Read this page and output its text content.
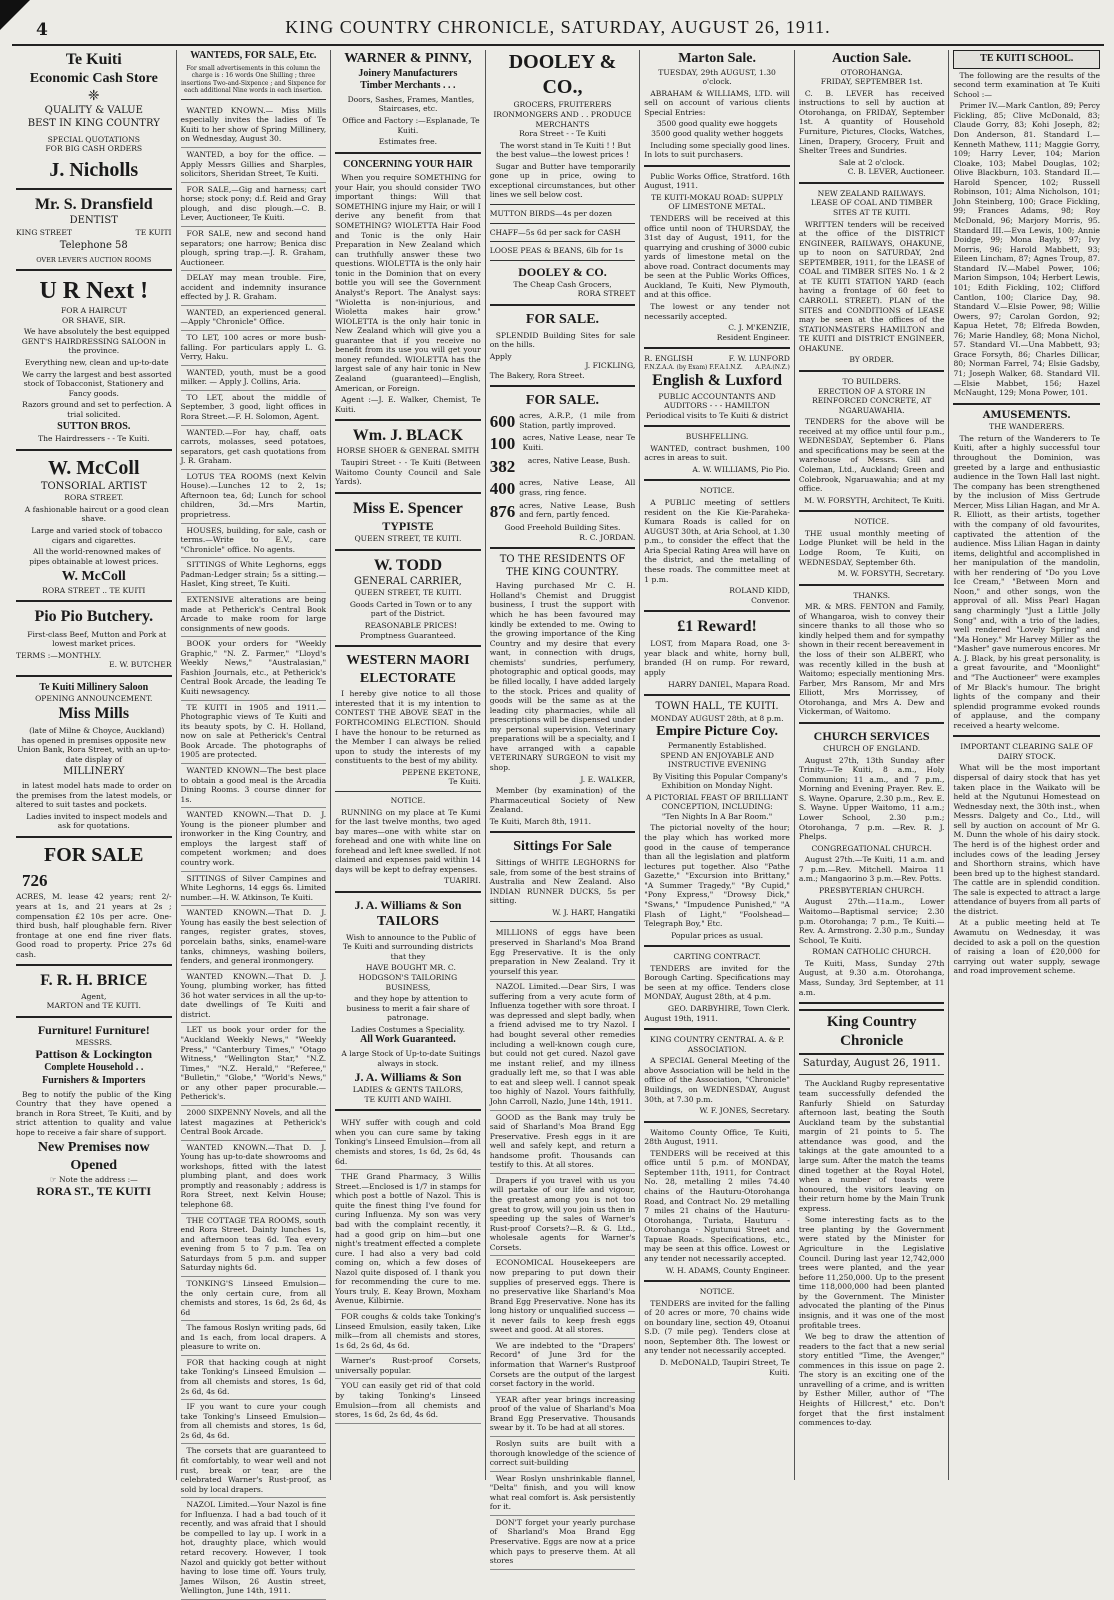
4	KING COUNTRY CHRONICLE, SATURDAY, AUGUST 26, 1911.
Te Kuiti
Economic Cash Store
❈
QUALITY & VALUE
BEST IN KING COUNTRY
SPECIAL QUOTATIONS
FOR BIG CASH ORDERS
J. Nicholls
Mr. S. Dransfield
DENTIST
KING STREET	TE KUITI
Telephone 58
OVER LEVER'S AUCTION ROOMS
U R Next !
FOR A HAIRCUT
OR SHAVE, SIR.
We have absolutely the best equipped GENT'S HAIRDRESSING SALOON in the province.
Everything new, clean and up-to-date
We carry the largest and best assorted stock of Tobacconist, Stationery and Fancy goods.
Razors ground and set to perfection. A trial solicited.
SUTTON BROS.
The Hairdressers - - Te Kuiti.
W. McColl
TONSORIAL ARTIST
RORA STREET.
A fashionable haircut or a good clean shave.
Large and varied stock of tobacco cigars and cigarettes.
All the world-renowned makes of pipes obtainable at lowest prices.
W. McColl
RORA STREET .. TE KUITI
Pio Pio Butchery.
First-class Beef, Mutton and Pork at lowest market prices.
TERMS :—MONTHLY.
E. W. BUTCHER
Te Kuiti Millinery Saloon
OPENING ANNOUNCEMENT.
Miss Mills
(late of Milne & Choyce, Auckland) has opened in premises opposite new Union Bank, Rora Street, with an up-to-date display of
MILLINERY
in latest model hats made to order on the premises from the latest models, or altered to suit tastes and pockets.
Ladies invited to inspect models and ask for quotations.
FOR SALE
726
ACRES, M. lease 42 years; rent 2/- years at 1s, and 21 years at 2s ; compensation £2 10s per acre. One-third bush, half ploughable fern. River frontage at one end fine river flats. Good road to property. Price 27s 6d cash.
F. R. H. BRICE
Agent,
MARTON and TE KUITI.
Furniture! Furniture!
MESSRS.
Pattison & Lockington
Complete Household . .
Furnishers & Importers
Beg to notify the public of the King Country that they have opened a branch in Rora Street, Te Kuiti, and by strict attention to quality and value hope to receive a fair share of support.
New Premises now Opened
☞ Note the address :—
RORA ST., TE KUITI
WANTEDS, FOR SALE, Etc.
For small advertisements in this column the charge is : 16 words One Shilling ; three insertions Two-and-Sixpence ; and Sixpence for each additional Nine words in each insertion.
WANTED KNOWN.— Miss Mills especially invites the ladies of Te Kuiti to her show of Spring Millinery, on Wednesday, August 30.
WANTED, a boy for the office. —Apply Messrs Gillies and Sharples, solicitors, Sheridan Street, Te Kuiti.
FOR SALE,—Gig and harness; cart horse; stock pony; d.f. Reid and Gray plough, and disc plough.—C. B. Lever, Auctioneer, Te Kuiti.
FOR SALE, new and second hand separators; one harrow; Benica disc plough, spring trap.—J. R. Graham, Auctioneer.
DELAY may mean trouble. Fire, accident and indemnity insurance effected by J. R. Graham.
WANTED, an experienced general. —Apply "Chronicle" Office.
TO LET, 100 acres or more bush-falling. For particulars apply L. G. Verry, Haku.
WANTED, youth, must be a good milker. — Apply J. Collins, Aria.
TO LET, about the middle of September, 3 good, light offices in Rora Street.—F. H. Solomon, Agent.
WANTED.—For hay, chaff, oats carrots, molasses, seed potatoes, separators, get cash quotations from J. R. Graham.
LOTUS TEA ROOMS (next Kelvin House).—Lunches 12 to 2, 1s; Afternoon tea, 6d; Lunch for school children, 3d.—Mrs Martin, proprietress.
HOUSES, building, for sale, cash or terms.—Write to E.V., care "Chronicle" office. No agents.
SITTINGS of White Leghorns, eggs Padman-Ledger strain; 5s a sitting.—Haslet, King street, Te Kuiti.
EXTENSIVE alterations are being made at Petherick's Central Book Arcade to make room for large consignments of new goods.
BOOK your orders for "Weekly Graphic," "N. Z. Farmer," "Lloyd's Weekly News," "Australasian," Fashion Journals, etc., at Petherick's Central Book Arcade, the leading Te Kuiti newsagency.
TE KUITI in 1905 and 1911.—Photographic views of Te Kuiti and its beauty spots, by C. H. Holland, now on sale at Petherick's Central Book Arcade. The photographs of 1905 are protected.
WANTED KNOWN—The best place to obtain a good meal is the Arcadia Dining Rooms. 3 course dinner for 1s.
WANTED KNOWN.—That D. J. Young is the pioneer plumber and ironworker in the King Country, and employs the largest staff of competent workmen; and does country work.
SITTINGS of Silver Campines and White Leghorns, 14 eggs 6s. Limited number.—H. W. Atkinson, Te Kuiti.
WANTED KNOWN.—That D. J. Young has easily the best selection of ranges, register grates, stoves, porcelain baths, sinks, enamel-ware tanks, chimneys, washing boilers, fenders, and general ironmongery.
WANTED KNOWN.—That D. J. Young, plumbing worker, has fitted 36 hot water services in all the up-to-date dwellings of Te Kuiti and district.
LET us book your order for the "Auckland Weekly News," "Weekly Press," "Canterbury Times," "Otago Witness," "Wellington Star," "N.Z. Times," "N.Z. Herald," "Referee," "Bulletin," "Globe," "World's News," or any other paper procurable.—Petherick's.
2000 SIXPENNY Novels, and all the latest magazines at Petherick's Central Book Arcade.
WANTED KNOWN.—That D. J. Young has up-to-date showrooms and workshops, fitted with the latest plumbing plant, and does work promptly and reasonably ; address is Rora Street, next Kelvin House; telephone 68.
THE COTTAGE TEA ROOMS, south end Rora Street. Dainty lunches 1s, and afternoon teas 6d. Tea every evening from 5 to 7 p.m. Tea on Saturdays from 5 p.m. and supper Saturday nights 6d.
TONKING'S Linseed Emulsion— the only certain cure, from all chemists and stores, 1s 6d, 2s 6d, 4s 6d
The famous Roslyn writing pads, 6d and 1s each, from local drapers. A pleasure to write on.
FOR that hacking cough at night take Tonking's Linseed Emulsion —from all chemists and stores, 1s 6d, 2s 6d, 4s 6d.
IF you want to cure your cough take Tonking's Linseed Emulsion— from all chemists and stores, 1s 6d, 2s 6d, 4s 6d.
The corsets that are guaranteed to fit comfortably, to wear well and not rust, break or tear, are the celebrated Warner's Rust-proof, as sold by local drapers.
NAZOL Limited.—Your Nazol is fine for Influenza. I had a bad touch of it recently, and was afraid that I should be compelled to lay up. I work in a hot, draughty place, which would retard recovery. However, I took Nazol and quickly got better without having to lose time off. Yours truly, James Wilson, 26 Austin street, Wellington, June 14th, 1911.
WARNER & PINNY,
Joinery Manufacturers
Timber Merchants . . .
Doors, Sashes, Frames, Mantles, Staircases, etc.
Office and Factory :—Esplanade, Te Kuiti.
Estimates free.
CONCERNING YOUR HAIR
When you require SOMETHING for your Hair, you should consider TWO important things: Will that SOMETHING injure my Hair, or will I derive any benefit from that SOMETHING? WIOLETTA Hair Food and Tonic is the only Hair Preparation in New Zealand which can truthfully answer these two questions. WIOLETTA is the only hair tonic in the Dominion that on every bottle you will see the Government Analyst's Report. The Analyst says: "Wioletta is non-injurious, and Wioletta makes hair grow." WIOLETTA is the only hair tonic in New Zealand which will give you a guarantee that if you receive no benefit from its use you will get your money refunded. WIOLETTA has the largest sale of any hair tonic in New Zealand (guaranteed)—English, American, or Foreign.
Agent :—J. E. Walker, Chemist, Te Kuiti.
Wm. J. BLACK
HORSE SHOER & GENERAL SMITH
Taupiri Street - - Te Kuiti (Between Waitomo County Council and Sale Yards).
Miss E. Spencer
TYPISTE
QUEEN STREET, TE KUITI.
W. TODD
GENERAL CARRIER,
QUEEN STREET, TE KUITI.
Goods Carted in Town or to any part of the District.
REASONABLE PRICES! Promptness Guaranteed.
WESTERN MAORI
ELECTORATE
I hereby give notice to all those interested that it is my intention to CONTEST THE ABOVE SEAT in the FORTHCOMING ELECTION. Should I have the honour to be returned as the Member I can always be relied upon to study the interests of my constituents to the best of my ability.
PEPENE EKETONE,
Te Kuiti.
NOTICE.
RUNNING on my place at Te Kumi for the last twelve months, two aged bay mares—one with white star on forehead and one with white line on forehead and left knee swelled. If not claimed and expenses paid within 14 days will be kept to defray expenses.
TUARIRI.
J. A. Williams & Son
TAILORS
Wish to announce to the Public of Te Kuiti and surrounding districts that they
HAVE BOUGHT MR. C. HODGSON'S TAILORING BUSINESS,
and they hope by attention to business to merit a fair share of patronage.
Ladies Costumes a Speciality.
All Work Guaranteed.
A large Stock of Up-to-date Suitings always in stock.
J. A. Williams & Son
LADIES & GENTS TAILORS,
TE KUITI AND WAIHI.
WHY suffer with cough and cold when you can cure same by taking Tonking's Linseed Emulsion—from all chemists and stores, 1s 6d, 2s 6d, 4s 6d.
THE Grand Pharmacy, 3 Willis Street.—Enclosed is 1/7 in stamps for which post a bottle of Nazol. This is quite the finest thing I've found for curing Influenza. My son was very bad with the complaint recently, it had a good grip on him—but one night's treatment effected a complete cure. I had also a very bad cold coming on, which a few doses of Nazol quite disposed of. I thank you for recommending the cure to me. Yours truly, E. Keay Brown, Moxham Avenue, Kilbirnie.
FOR coughs & colds take Tonking's Linseed Emulsion, easily taken, Like milk—from all chemists and stores, 1s 6d, 2s 6d, 4s 6d.
Warner's Rust-proof Corsets, universally popular.
YOU can easily get rid of that cold by taking Tonking's Linseed Emulsion—from all chemists and stores, 1s 6d, 2s 6d, 4s 6d.
DOOLEY & CO.,
GROCERS, FRUITERERS IRONMONGERS AND . . PRODUCE MERCHANTS
Rora Street - - Te Kuiti
The worst stand in Te Kuiti ! ! But the best value—the lowest prices !
Sugar and Butter have temporarily gone up in price, owing to exceptional circumstances, but other lines we sell below cost.
MUTTON BIRDS—4s per dozen
CHAFF—5s 6d per sack for CASH
LOOSE PEAS & BEANS, 6lb for 1s
DOOLEY & CO.
The Cheap Cash Grocers,
RORA STREET
FOR SALE.
SPLENDID Building Sites for sale on the hills.
Apply
J. FICKLING,
The Bakery, Rora Street.
FOR SALE.
600 acres, A.R.P., (1 mile from Station, partly improved.
100 acres, Native Lease, near Te Kuiti.
382	acres, Native Lease, Bush.
400 acres, Native Lease, All grass, ring fence.
876 acres, Native Lease, Bush and fern, partly fenced.
Good Freehold Building Sites.
R. C. JORDAN.
TO THE RESIDENTS OF THE KING COUNTRY.
Having purchased Mr C. H. Holland's Chemist and Druggist business, I trust the support with which he has been favoured may kindly be extended to me. Owing to the growing importance of the King Country and my desire that every want, in connection with drugs, chemists' sundries, perfumery, photographic and optical goods, may be filled locally, I have added largely to the stock. Prices and quality of goods will be the same as at the leading city pharmacies, while all prescriptions will be dispensed under my personal supervision. Veterinary preparations will be a specialty, and I have arranged with a capable VETERINARY SURGEON to visit my shop.
J. E. WALKER,
Member (by examination) of the Pharmaceutical Society of New Zealand.
Te Kuiti, March 8th, 1911.
Sittings For Sale
Sittings of WHITE LEGHORNS for sale, from some of the best strains of Australia and New Zealand. Also INDIAN RUNNER DUCKS, 5s per sitting.
W. J. HART, Hangatiki
MILLIONS of eggs have been preserved in Sharland's Moa Brand Egg Preservative. It is the only preparation in New Zealand. Try it yourself this year.
NAZOL Limited.—Dear Sirs, I was suffering from a very acute form of Influenza together with sore throat. I was depressed and slept badly, when a friend advised me to try Nazol. I had bought several other remedies including a well-known cough cure, but could not get cured. Nazol gave me instant relief, and my illness gradually left me, so that I was able to eat and sleep well. I cannot speak too highly of Nazol. Yours faithfully, John Carroll, Nazlo, June 14th, 1911.
GOOD as the Bank may truly be said of Sharland's Moa Brand Egg Preservative. Fresh eggs in it are well and safely kept, and return a handsome profit. Thousands can testify to this. At all stores.
Drapers if you travel with us you will partake of our life and vigour, the greatest among you is not too great to grow, will you join us then in speeding up the sales of Warner's Rust-proof Corsets?—R. & G. Ltd., wholesale agents for Warner's Corsets.
ECONOMICAL Housekeepers are now preparing to put down their supplies of preserved eggs. There is no preservative like Sharland's Moa Brand Egg Preservative. None has its long history or unqualified success —it never fails to keep fresh eggs sweet and good. At all stores.
We are indebted to the "Drapers' Record" of June 3rd for the information that Warner's Rustproof Corsets are the output of the largest corset factory in the world.
YEAR after year brings increasing proof of the value of Sharland's Moa Brand Egg Preservative. Thousands swear by it. To be had at all stores.
Roslyn suits are built with a thorough knowledge of the science of correct suit-building
Wear Roslyn unshrinkable flannel, "Delta" finish, and you will know what real comfort is. Ask persistently for it.
DON'T forget your yearly purchase of Sharland's Moa Brand Egg Preservative. Eggs are now at a price which pays to preserve them. At all stores
Marton Sale.
TUESDAY, 29th AUGUST, 1.30 o'clock.
ABRAHAM & WILLIAMS, LTD. will sell on account of various clients Special Entries:
3500 good quality ewe hoggets
3500 good quality wether hoggets
Including some specially good lines. In lots to suit purchasers.
Public Works Office, Stratford. 16th August, 1911.
TE KUITI-MOKAU ROAD: SUPPLY OF LIMESTONE METAL.
TENDERS will be received at this office until noon of THURSDAY, the 31st day of August, 1911, for the quarrying and crushing of 3000 cubic yards of limestone metal on the above road. Contract documents may be seen at the Public Works Offices, Auckland, Te Kuiti, New Plymouth, and at this office.
The lowest or any tender not necessarily accepted.
C. J. M'KENZIE,
Resident Engineer.
R. ENGLISH	F. W. LUNFORD
F.N.Z.A.A. (by Exam) F.F.A.I.N.Z. A.P.A.(N.Z.)
English & Luxford
PUBLIC ACCOUNTANTS AND AUDITORS - - - HAMILTON
Periodical visits to Te Kuiti & district
BUSHFELLING.
WANTED, contract bushmen, 100 acres in areas to suit.
A. W. WILLIAMS, Pio Pio.
NOTICE.
A PUBLIC meeting of settlers resident on the Kie Kie-Paraheka-Kumara Roads is called for on AUGUST 30th, at Aria School, at 1.30 p.m., to consider the effect that the Aria Special Rating Area will have on the district, and the metalling of these roads. The committee meet at 1 p.m.
ROLAND KIDD,
Convenor.
£1 Reward!
LOST, from Mapara Road, one 3-year black and white, horny bull, branded (H on rump. For reward, apply
HARRY DANIEL, Mapara Road.
TOWN HALL, TE KUITI.
MONDAY AUGUST 28th, at 8 p.m.
Empire Picture Coy.
Permanently Established.
SPEND AN ENJOYABLE AND INSTRUCTIVE EVENING
By Visiting this Popular Company's Exhibition on Monday Night.
A PICTORIAL FEAST OF BRILLIANT CONCEPTION, INCLUDING:
"Ten Nights In A Bar Room."
The pictorial novelty of the hour; the play which has worked more good in the cause of temperance than all the legislation and platform lectures put together. Also "Pathe Gazette," "Excursion into Brittany," "A Summer Tragedy," "By Cupid," "Pony Express," "Drowsy Dick," "Swans," "Impudence Punished," "A Flash of Light," "Foolshead—Telegraph Boy," Etc.
Popular prices as usual.
CARTING CONTRACT.
TENDERS are invited for the Borough Carting. Specifications may be seen at my office. Tenders close MONDAY, August 28th, at 4 p.m.
GEO. DARBYHIRE, Town Clerk.
August 19th, 1911.
KING COUNTRY CENTRAL A. & P. ASSOCIATION.
A SPECIAL General Meeting of the above Association will be held in the office of the Association, "Chronicle" Buildings, on WEDNESDAY, August 30th, at 7.30 p.m.
W. F. JONES, Secretary.
Waitomo County Office, Te Kuiti, 28th August, 1911.
TENDERS will be received at this office until 5 p.m. of MONDAY, September 11th, 1911, for Contract No. 28, metalling 2 miles 74.40 chains of the Hauturu-Otorohanga Road, and Contract No. 29 metalling 7 miles 21 chains of the Hauturu-Otorohanga, Turiata, Hauturu - Otorohanga - Ngutunui Street and Tapuae Roads. Specifications, etc., may be seen at this office. Lowest or any tender not necessarily accepted.
W. H. ADAMS, County Engineer.
NOTICE.
TENDERS are invited for the falling of 20 acres or more, 70 chains wide on boundary line, section 49, Otoanui S.D. (7 mile peg). Tenders close at noon, September 8th. The lowest or any tender not necessarily accepted.
D. McDONALD, Taupiri Street, Te Kuiti.
Auction Sale.
OTOROHANGA.
FRIDAY, SEPTEMBER 1st.
C. B. LEVER has received instructions to sell by auction at Otorohanga, on FRIDAY, September 1st. A quantity of Household Furniture, Pictures, Clocks, Watches, Linen, Drapery, Grocery, Fruit and Shelter Trees and Sundries.
Sale at 2 o'clock.
C. B. LEVER, Auctioneer.
NEW ZEALAND RAILWAYS.
LEASE OF COAL AND TIMBER SITES AT TE KUITI.
WRITTEN tenders will be received at the office of the DISTRICT ENGINEER, RAILWAYS, OHAKUNE, up to noon on SATURDAY, 2nd SEPTEMBER, 1911, for the LEASE of COAL and TIMBER SITES No. 1 & 2 at TE KUITI STATION YARD (each having a frontage of 60 feet to CARROLL STREET). PLAN of the SITES and CONDITIONS of LEASE may be seen at the offices of the STATIONMASTERS HAMILTON and TE KUITI and DISTRICT ENGINEER, OHAKUNE.
BY ORDER.
TO BUILDERS.
ERECTION OF A STORE IN REINFORCED CONCRETE, AT NGARUAWAHIA.
TENDERS for the above will be received at my office until four p.m., WEDNESDAY, September 6. Plans and specifications may be seen at the warehouse of Messrs. Gill and Coleman, Ltd., Auckland; Green and Colebrook, Ngaruawahia; and at my office.
M. W. FORSYTH, Architect, Te Kuiti.
NOTICE.
THE usual monthly meeting of Lodge Plunket will be held in the Lodge Room, Te Kuiti, on WEDNESDAY, September 6th.
M. W. FORSYTH, Secretary.
THANKS.
MR. & MRS. FENTON and Family, of Whangaroa, wish to convey their sincere thanks to all those who so kindly helped them and for sympathy shown in their recent bereavement in the loss of their son ALBERT, who was recently killed in the bush at Waitomo; especially mentioning Mrs. Farber, Mrs Ransom, Mr and Mrs Elliott, Mrs Morrissey, of Otorohanga, and Mrs A. Dew and Vickerman, of Waitomo.
CHURCH SERVICES
CHURCH OF ENGLAND.
August 27th, 13th Sunday after Trinity.—Te Kuiti, 8 a.m., Holy Communion; 11 a.m., and 7 p.m., Morning and Evening Prayer. Rev. E. S. Wayne. Oparure, 2.30 p.m., Rev. E. S. Wayne. Upper Waitomo, 11 a.m.; Lower School, 2.30 p.m.; Otorohanga, 7 p.m. —Rev. R. J. Phelps.
CONGREGATIONAL CHURCH.
August 27th.—Te Kuiti, 11 a.m. and 7 p.m.—Rev. Mitchell. Mairoa 11 a.m.; Mangaorino 3 p.m.—Rev. Potts.
PRESBYTERIAN CHURCH.
August 27th.—11a.m., Lower Waitomo—Baptismal service; 2.30 p.m. Otorohanga; 7 p.m., Te Kuiti.—Rev. A. Armstrong. 2.30 p.m., Sunday School, Te Kuiti.
ROMAN CATHOLIC CHURCH.
Te Kuiti, Mass, Sunday 27th August, at 9.30 a.m. Otorohanga, Mass, Sunday, 3rd September, at 11 a.m.
King Country Chronicle
Saturday, August 26, 1911.
The Auckland Rugby representative team successfully defended the Ranfurly Shield on Saturday afternoon last, beating the South Auckland team by the substantial margin of 21 points to 5. The attendance was good, and the takings at the gate amounted to a large sum. After the match the teams dined together at the Royal Hotel, when a number of toasts were honoured, the visitors leaving on their return home by the Main Trunk express.
Some interesting facts as to the tree planting by the Government were stated by the Minister for Agriculture in the Legislative Council. During last year 12,742,000 trees were planted, and the year before 11,250,000. Up to the present time 118,000,000 had been planted by the Government. The Minister advocated the planting of the Pinus insignis, and it was one of the most profitable trees.
We beg to draw the attention of readers to the fact that a new serial story entitled "Time, the Avenger," commences in this issue on page 2. The story is an exciting one of the unravelling of a crime, and is written by Esther Miller, author of "The Heights of Hillcrest," etc. Don't forget that the first instalment commences to-day.
TE KUITI SCHOOL.
The following are the results of the second term examination at Te Kuiti School :—
Primer IV.—Mark Cantlon, 89; Percy Fickling, 85; Clive McDonald, 83; Claude Gorry, 83; Kohi Joseph, 82; Don Anderson, 81. Standard I.—Kenneth Mathew, 111; Maggie Gorry, 109; Harry Lever, 104; Marion Cloake, 103; Mabel Douglas, 102; Olive Blackburn, 103. Standard II.—Harold Spencer, 102; Russell Robinson, 101; Alma Nicholson, 101; John Steinberg, 100; Grace Fickling, 99; Frances Adams, 98; Roy McDonald, 96; Marjory Morris, 95. Standard III.—Eva Lewis, 100; Annie Doidge, 99; Mona Bayly, 97; Ivy Morris, 96; Harold Mabbett, 93; Eileen Lincham, 87; Agnes Troup, 87. Standard IV.—Mabel Power, 106; Marion Simpson, 104; Herbert Lewis, 101; Edith Fickling, 102; Clifford Cantlon, 100; Clarice Day, 98. Standard V.—Elsie Power, 98; Willie Owers, 97; Carolan Gordon, 92; Kapua Hetet, 78; Elfreda Bowden, 76; Marie Handley, 68; Mona Nichol, 57. Standard VI.—Una Mabbett, 93; Grace Forsyth, 86; Charles Dillicar, 80; Norman Farrel, 74; Elsie Gadsby, 71; Joseph Walker, 68. Standard VII.—Elsie Mabbet, 156; Hazel McNaught, 129; Mona Power, 101.
AMUSEMENTS.
THE WANDERERS.
The return of the Wanderers to Te Kuiti, after a highly successful tour throughout the Dominion, was greeted by a large and enthusiastic audience in the Town Hall last night. The company has been strengthened by the inclusion of Miss Gertrude Mercer, Miss Lilian Hagan, and Mr A. R. Elliott, as their artists, together with the company of old favourites, captivated the attention of the audience. Miss Lilian Hagan in dainty items, delightful and accomplished in her manipulation of the mandolin, with her rendering of "Do you Love Ice Cream," "Between Morn and Noon," and other songs, won the approval of all. Miss Pearl Hagan sang charmingly "Just a Little Jolly Song" and, with a trio of the ladies, well rendered "Lovely Spring" and "Ma Honey." Mr Harvey Miller as the "Masher" gave numerous encores. Mr A. J. Black, by his great personality, is a great favourite, and "Moonlight" and "The Auctioneer" were examples of Mr Black's humour. The bright lights of the company and their splendid programme evoked rounds of applause, and the company received a hearty welcome.
IMPORTANT CLEARING SALE OF DAIRY STOCK.
What will be the most important dispersal of dairy stock that has yet taken place in the Waikato will be held at the Ngutunui Homestead on Wednesday next, the 30th inst., when Messrs. Dalgety and Co., Ltd., will sell by auction on account of Mr G. M. Dunn the whole of his dairy stock. The herd is of the highest order and includes cows of the leading Jersey and Shorthorn strains, which have been bred up to the highest standard. The cattle are in splendid condition. The sale is expected to attract a large attendance of buyers from all parts of the district.
At a public meeting held at Te Awamutu on Wednesday, it was decided to ask a poll on the question of raising a loan of £20,000 for carrying out water supply, sewage and road improvement scheme.
